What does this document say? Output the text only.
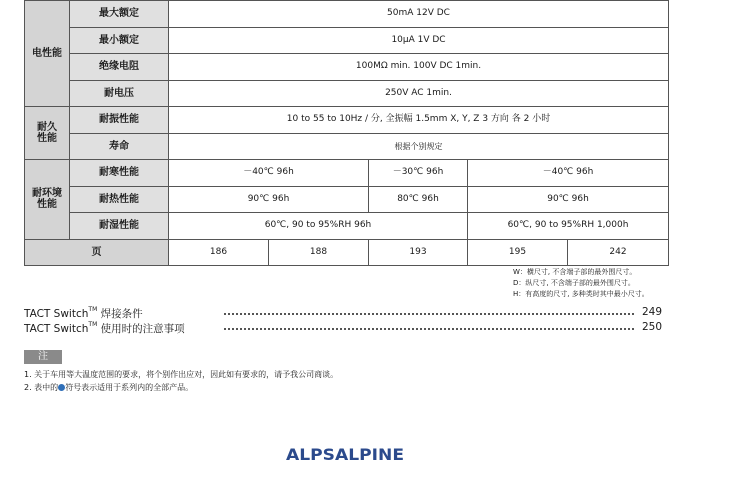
电性能	最大额定	50mA 12V DC				
	最小额定	10μA 1V DC				
	绝缘电阻	100MΩ min. 100V DC 1min.				
	耐电压	250V AC 1min.				
耐久
性能	耐振性能	10 to 55 to 10Hz / 分, 全振幅 1.5mm X, Y, Z 3 方向 各 2 小时				
	寿命	根据个别规定				
耐环境
性能	耐寒性能	－40℃ 96h		－30℃ 96h	－40℃ 96h	
	耐热性能	90℃ 96h		80℃ 96h	90℃ 96h	
	耐湿性能	60℃, 90 to 95%RH 96h			60℃, 90 to 95%RH 1,000h	
页		186	188	193	195	242
W：横尺寸, 不含端子部的最外围尺寸。
D：纵尺寸, 不含端子部的最外围尺寸。
H：有高度的尺寸, 多种类时其中最小尺寸。
TACT Switch™ 焊接条件	249
TACT Switch™ 使用时的注意事项	250
注
1. 关于车用等大温度范围的要求，将个别作出应对，因此如有要求的，请予我公司商谈。
2. 表中的 符号表示适用于系列内的全部产品。
ALPSALPINE
